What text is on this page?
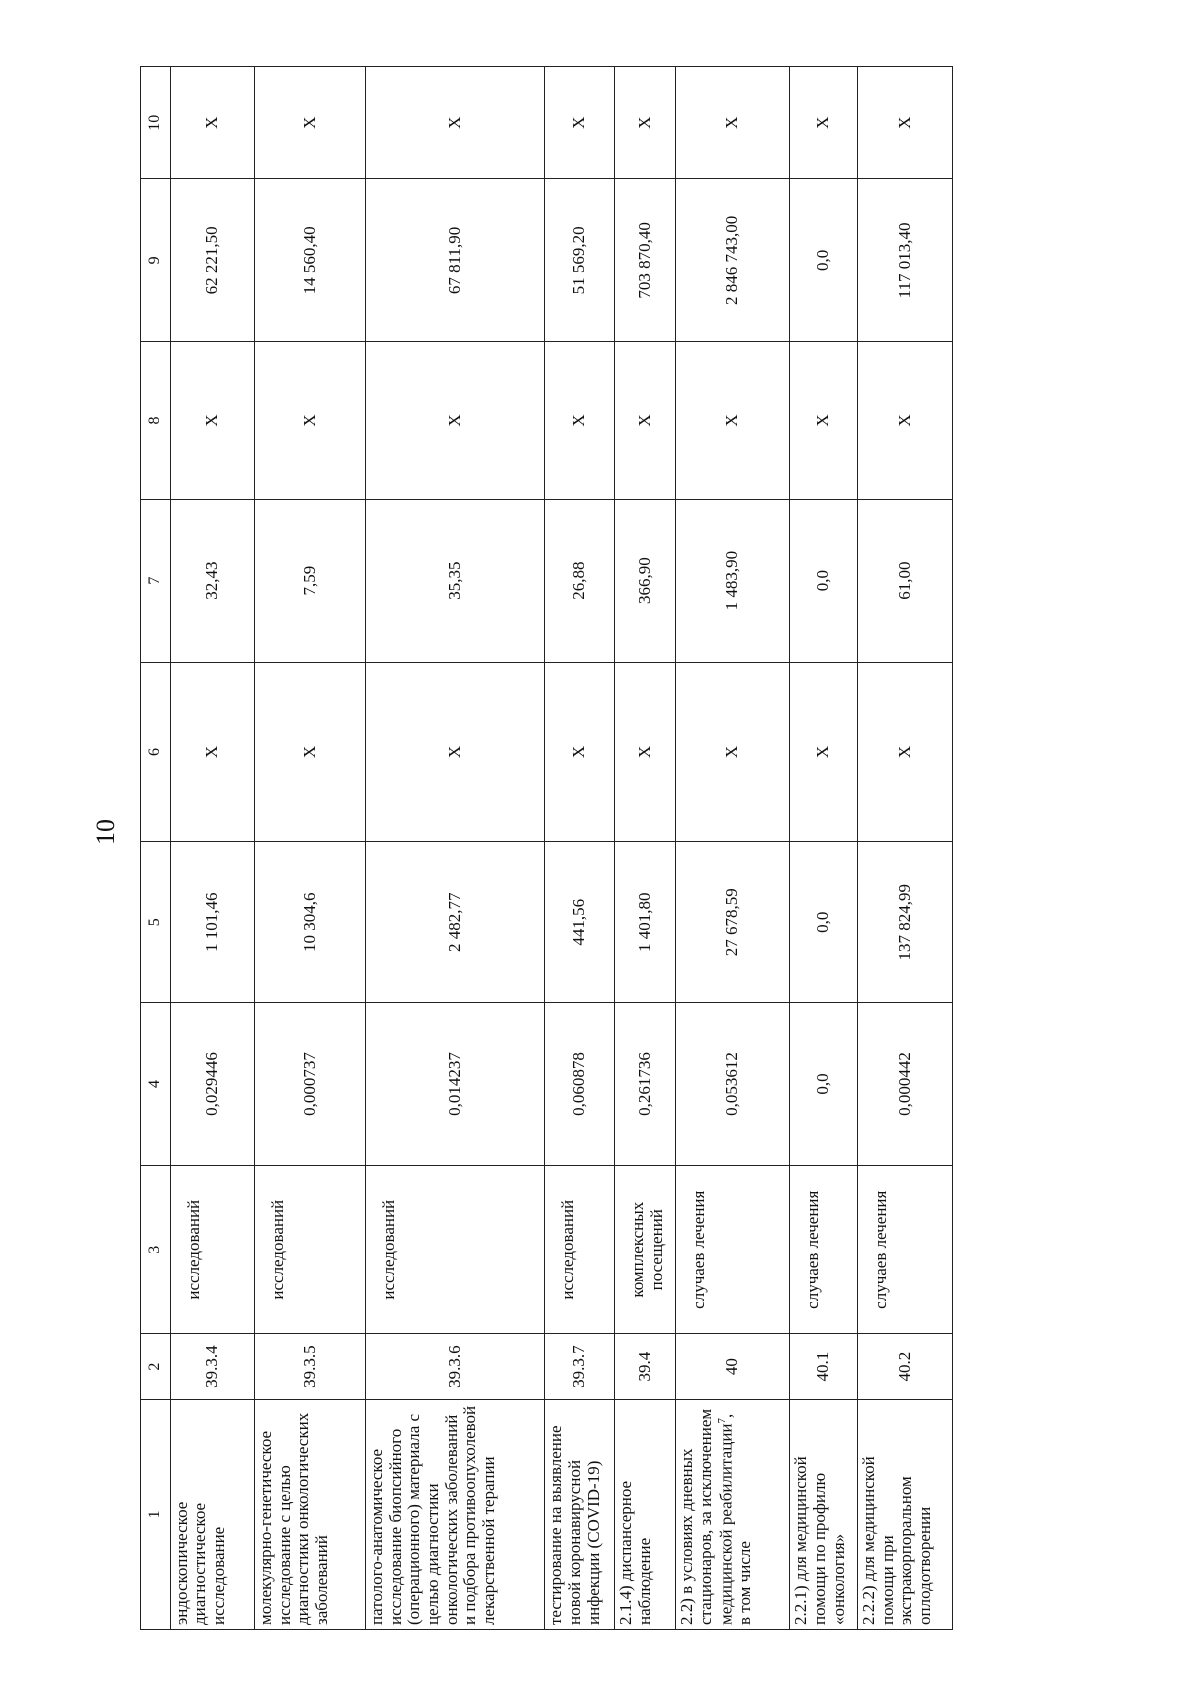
10
1	2	3	4	5	6	7	8	9	10
эндоскопическое диагностическое исследование	39.3.4	исследований	0,029446	1 101,46	X	32,43	X	62 221,50	X
молекулярно-генетическое исследование с целью диагностики онкологических заболеваний	39.3.5	исследований	0,000737	10 304,6	X	7,59	X	14 560,40	X
патолого-анатомическое исследование биопсийного (операционного) материала с целью диагностики онкологических заболеваний и подбора противоопухолевой лекарственной терапии	39.3.6	исследований	0,014237	2 482,77	X	35,35	X	67 811,90	X
тестирование на выявление новой коронавирусной инфекции (COVID-19)	39.3.7	исследований	0,060878	441,56	X	26,88	X	51 569,20	X
2.1.4) диспансерное наблюдение	39.4	комплексных посещений	0,261736	1 401,80	X	366,90	X	703 870,40	X
2.2) в условиях дневных стационаров, за исключением медицинской реабилитации$^7$, в том числе	40	случаев лечения	0,053612	27 678,59	X	1 483,90	X	2 846 743,00	X
2.2.1) для медицинской помощи по профилю «онкология»	40.1	случаев лечения	0,0	0,0	X	0,0	X	0,0	X
2.2.2) для медицинской помощи при экстракорпоральном оплодотворении	40.2	случаев лечения	0,000442	137 824,99	X	61,00	X	117 013,40	X
